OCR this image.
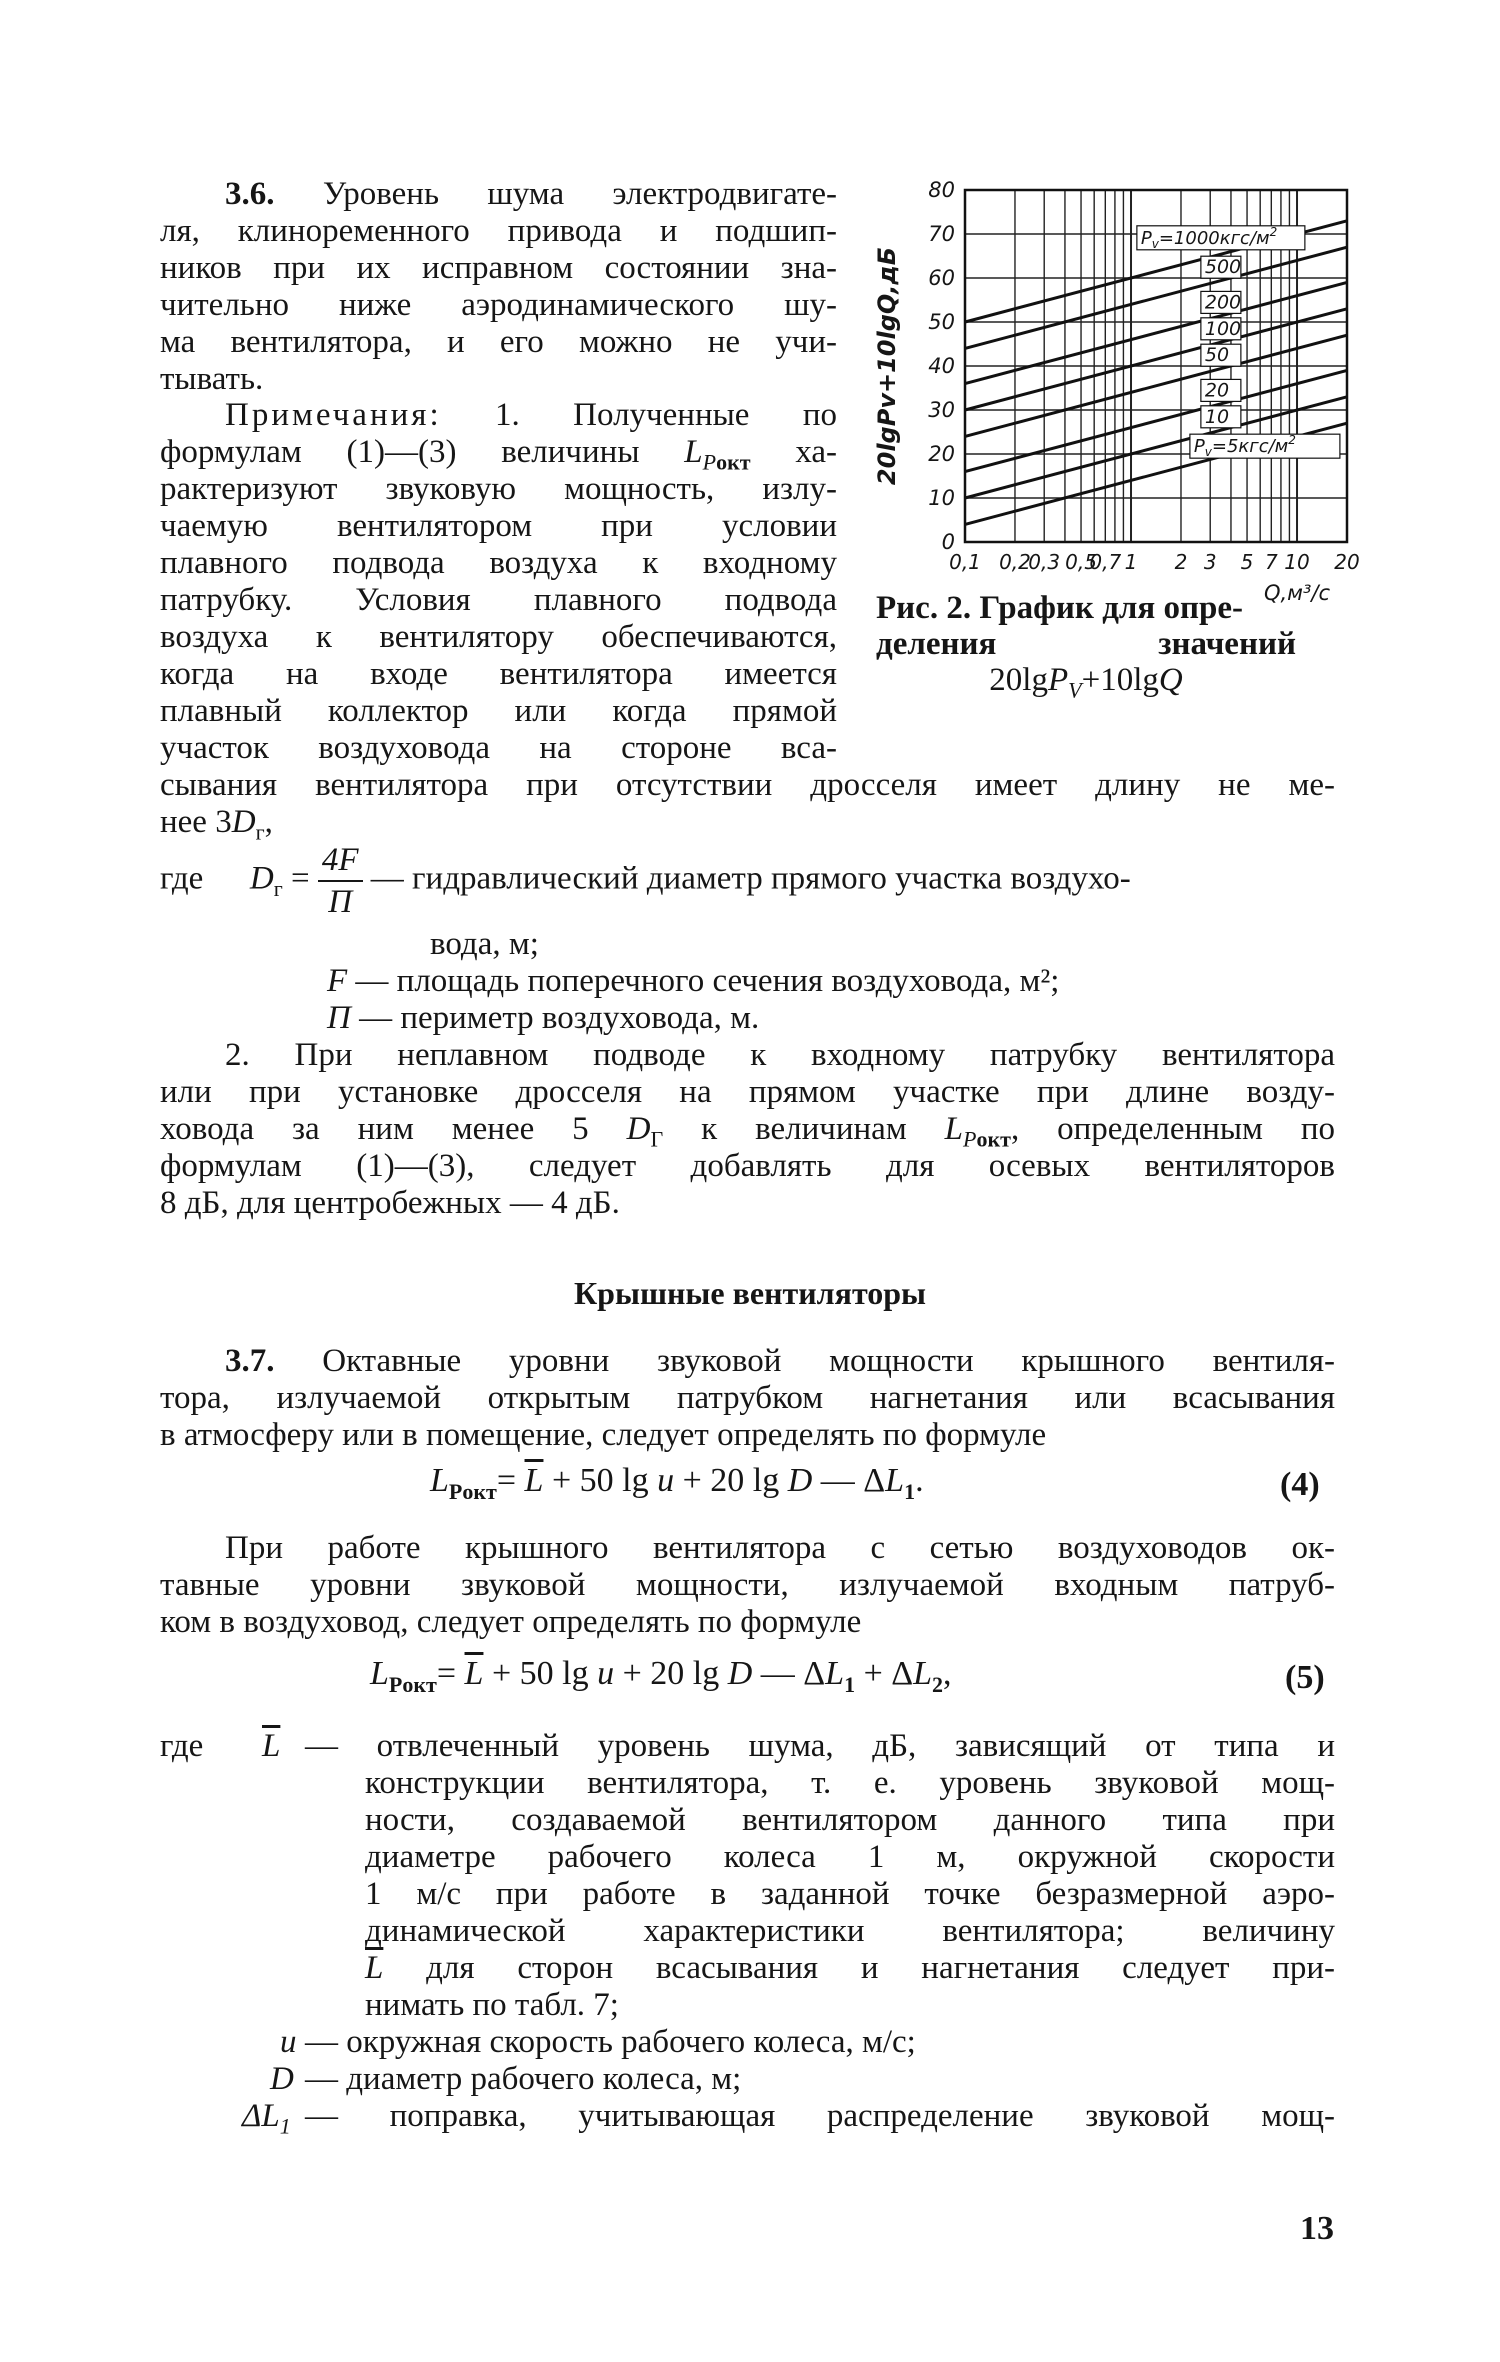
$P_v=1000кгс/м^2$
500
200
100
50
20
10
$P_v=5кгс/м^2$
0
10
20
30
40
50
60
70
80
0,1 0,2
0,3 0,5
0,7 1 2 3 5 7 10 20
Q,м³/с
20lgPv+10lgQ,дБ
Рис. 2. График для опре-
деления	значений
20lgP$_V$+10lgQ
3.6. Уровень шума электродвигате-
ля, клиноременного привода и подшип-
ников при их исправном состоянии зна-
чительно ниже аэродинамического шу-
ма вентилятора, и его можно не учи-
тывать.
Примечания: 1. Полученные по
формулам (1)—(3) величины $L_{Pокт}$ ха-
рактеризуют звуковую мощность, излу-
чаемую вентилятором при условии
плавного подвода воздуха к входному
патрубку. Условия плавного подвода
воздуха к вентилятору обеспечиваются,
когда на входе вентилятора имеется
плавный коллектор или когда прямой
участок воздуховода на стороне вса-
сывания вентилятора при отсутствии дросселя имеет длину не ме-
нее $3D_г$,
где $D_г = \frac{4F}{П}$ — гидравлический диаметр прямого участка воздухо-
вода, м;
F — площадь поперечного сечения воздуховода, м²;
П — периметр воздуховода, м.
2. При неплавном подводе к входному патрубку вентилятора
или при установке дросселя на прямом участке при длине возду-
ховода за ним менее 5 $D_Г$ к величинам $L_{Pокт}$, определенным по
формулам (1)—(3), следует добавлять для осевых вентиляторов
8 дБ, для центробежных — 4 дБ.
Крышные вентиляторы
3.7. Октавные уровни звуковой мощности крышного вентиля-
тора, излучаемой открытым патрубком нагнетания или всасывания
в атмосферу или в помещение, следует определять по формуле
$L_{Pокт}= \overline{L} + 50$ lg u + 20 lg D — $\Delta L_1$.	(4)
При работе крышного вентилятора с сетью воздуховодов ок-
тавные уровни звуковой мощности, излучаемой входным патруб-
ком в воздуховод, следует определять по формуле
$L_{Pокт}= \overline{L} + 50$ lg u + 20 lg D — $\Delta L_1 + \Delta L_2$,	(5)
где $\overline{L}$ — отвлеченный уровень шума, дБ, зависящий от типа и
конструкции вентилятора, т. е. уровень звуковой мощ-
ности, создаваемой вентилятором данного типа при
диаметре рабочего колеса 1 м, окружной скорости
1 м/с при работе в заданной точке безразмерной аэро-
динамической характеристики вентилятора; величину
$\overline{L}$ для сторон всасывания и нагнетания следует при-
нимать по табл. 7;
u — окружная скорость рабочего колеса, м/с;
D — диаметр рабочего колеса, м;
$\Delta L_1$ — поправка, учитывающая распределение звуковой мощ-
13
